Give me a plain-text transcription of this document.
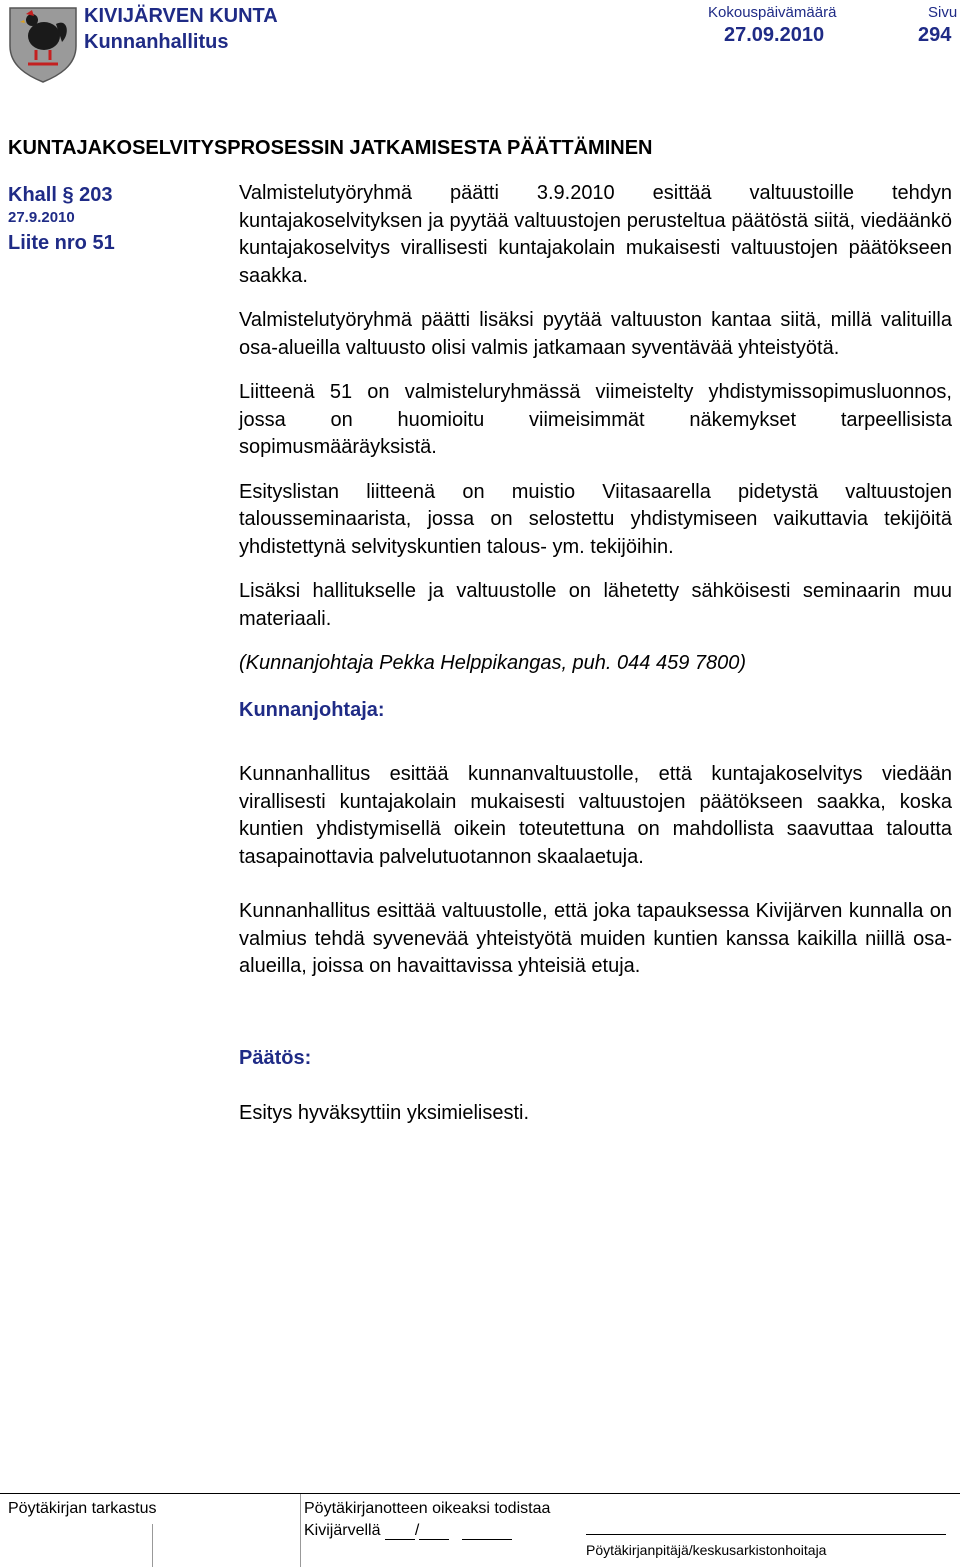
KIVIJÄRVEN KUNTA
Kunnanhallitus
Kokouspäivämäärä
27.09.2010
Sivu
294
KUNTAJAKOSELVITYSPROSESSIN JATKAMISESTA PÄÄTTÄMINEN
Khall § 203
27.9.2010
Liite nro 51

Valmistelutyöryhmä päätti 3.9.2010 esittää valtuustoille tehdyn kuntajakoselvityksen ja pyytää valtuustojen perusteltua päätöstä siitä, viedäänkö kuntajakoselvitys virallisesti kuntajakolain mukaisesti valtuustojen päätökseen saakka.

Valmistelutyöryhmä päätti lisäksi pyytää valtuuston kantaa siitä, millä valituilla osa-alueilla valtuusto olisi valmis jatkamaan syventävää yhteistyötä.

Liitteenä 51 on valmisteluryhmässä viimeistelty yhdistymissopimusluonnos, jossa on huomioitu viimeisimmät näkemykset tarpeellisista sopimusmääräyksistä.

Esityslistan liitteenä on muistio Viitasaarella pidetystä valtuustojen talousseminaarista, jossa on selostettu yhdistymiseen vaikuttavia tekijöitä yhdistettynä selvityskuntien talous- ym. tekijöihin.

Lisäksi hallitukselle ja valtuustolle on lähetetty sähköisesti seminaarin muu materiaali.

(Kunnanjohtaja Pekka Helppikangas, puh. 044 459 7800)

Kunnanjohtaja:

Kunnanhallitus esittää kunnanvaltuustolle, että kuntajakoselvitys viedään virallisesti kuntajakolain mukaisesti valtuustojen päätökseen saakka, koska kuntien yhdistymisellä oikein toteutettuna on mahdollista saavuttaa taloutta tasapainottavia palvelutuotannon skaalaetuja.

Kunnanhallitus esittää valtuustolle, että joka tapauksessa Kivijärven kunnalla on valmius tehdä syvenevää yhteistyötä muiden kuntien kanssa kaikilla niillä osa-alueilla, joissa on havaittavissa yhteisiä etuja.

Päätös:

Esitys hyväksyttiin yksimielisesti.

Pöytäkirjan tarkastus	Pöytäkirjanotteen oikeaksi todistaa
Kivijärvellä /
Pöytäkirjanpitäjä/keskusarkistonhoitaja
